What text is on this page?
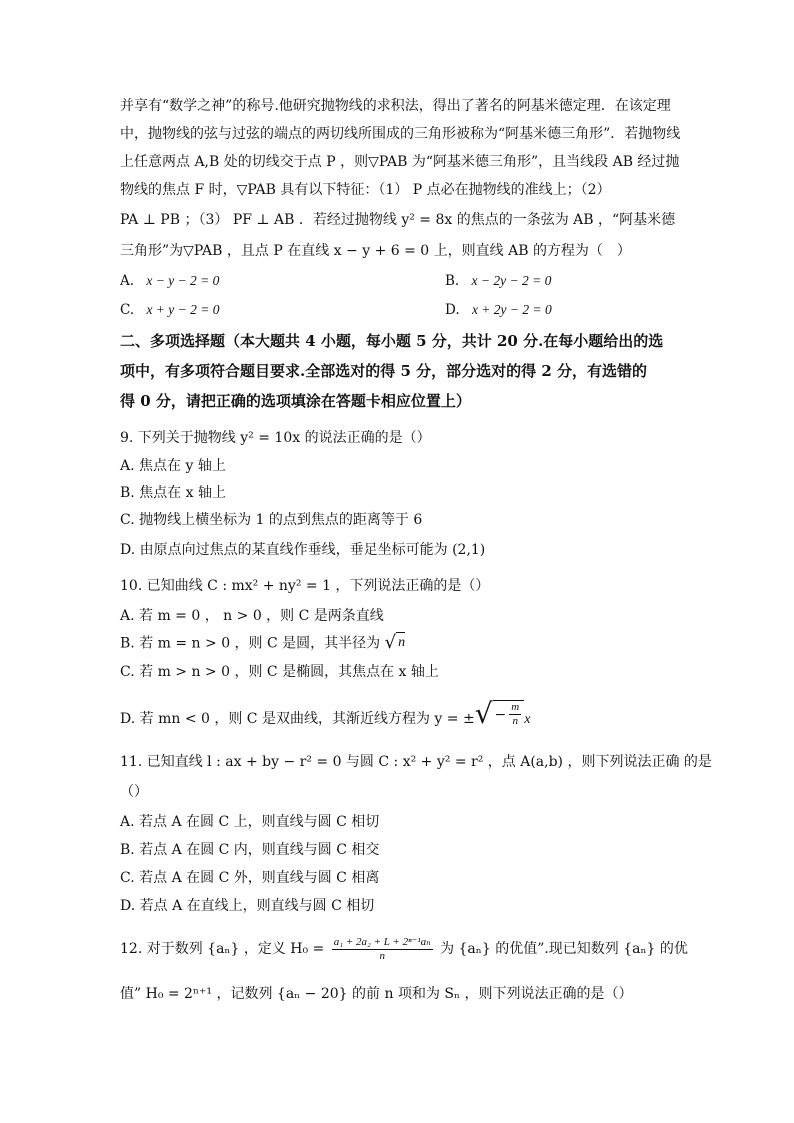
并享有“数学之神”的称号.他研究抛物线的求积法，得出了著名的阿基米德定理．在该定理
中，抛物线的弦与过弦的端点的两切线所围成的三角形被称为“阿基米德三角形”．若抛物线
上任意两点 A,B 处的切线交于点 P ，则▽PAB 为“阿基米德三角形”，且当线段 AB 经过抛
物线的焦点 F 时，▽PAB 具有以下特征：（1） P 点必在抛物线的准线上；（2）
PA ⊥ PB ；（3） PF ⊥ AB ．若经过抛物线 y² = 8x 的焦点的一条弦为 AB ，“阿基米德
三角形”为▽PAB ，且点 P 在直线 x − y + 6 = 0 上，则直线 AB 的方程为（　）
A. x − y − 2 = 0	B. x − 2y − 2 = 0
C. x + y − 2 = 0	D. x + 2y − 2 = 0
二、多项选择题（本大题共 4 小题，每小题 5 分，共计 20 分.在每小题给出的选
项中，有多项符合题目要求.全部选对的得 5 分，部分选对的得 2 分，有选错的
得 0 分，请把正确的选项填涂在答题卡相应位置上）
9. 下列关于抛物线 y² = 10x 的说法正确的是（）
A. 焦点在 y 轴上
B. 焦点在 x 轴上
C. 抛物线上横坐标为 1 的点到焦点的距离等于 6
D. 由原点向过焦点的某直线作垂线，垂足坐标可能为 (2,1)
10. 已知曲线 C : mx² + ny² = 1 ，下列说法正确的是（）
A. 若 m = 0 ， n > 0 ，则 C 是两条直线
B. 若 m = n > 0 ，则 C 是圆，其半径为 √ n
C. 若 m > n > 0 ，则 C 是椭圆，其焦点在 x 轴上
D. 若 mn < 0 ，则 C 是双曲线，其渐近线方程为 y = ± √ − $\frac{m}{n}$ x
11. 已知直线 l : ax + by − r² = 0 与圆 C : x² + y² = r² ，点 A(a,b) ，则下列说法正确 的是
（）
A. 若点 A 在圆 C 上，则直线与圆 C 相切
B. 若点 A 在圆 C 内，则直线与圆 C 相交
C. 若点 A 在圆 C 外，则直线与圆 C 相离
D. 若点 A 在直线上，则直线与圆 C 相切
12. 对于数列 {aₙ} ，定义 $H_0 = \frac{\text{a₁ + 2a₂ + L + 2ⁿ⁻¹aₙ}}{n}$ 为 {aₙ} 的优值”.现已知数列 {aₙ} 的优
值” H₀ = 2ⁿ⁺¹ ，记数列 {aₙ − 20} 的前 n 项和为 Sₙ ，则下列说法正确的是（）
